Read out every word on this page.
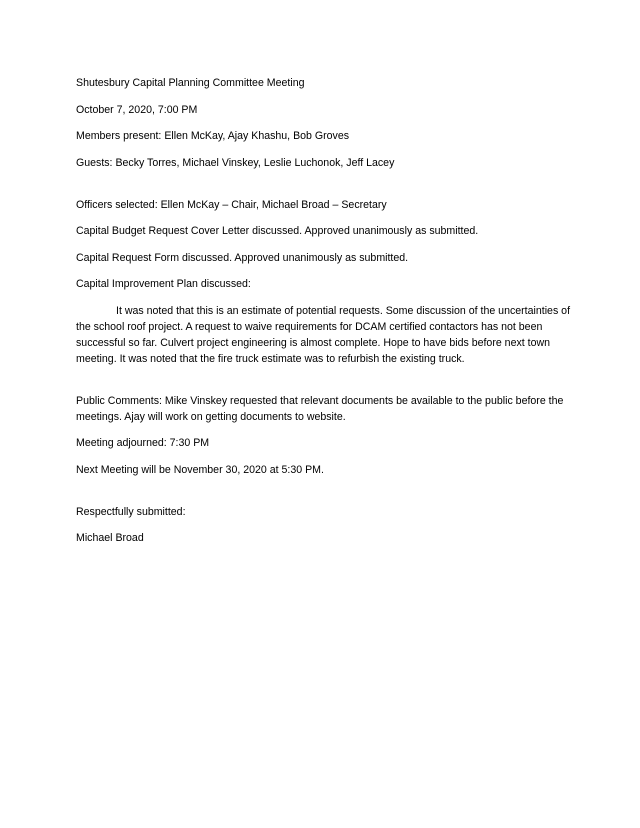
Shutesbury Capital Planning Committee Meeting

October 7, 2020, 7:00 PM

Members present: Ellen McKay, Ajay Khashu, Bob Groves

Guests: Becky Torres, Michael Vinskey, Leslie Luchonok, Jeff Lacey

Officers selected: Ellen McKay – Chair, Michael Broad – Secretary

Capital Budget Request Cover Letter discussed. Approved unanimously as submitted.

Capital Request Form discussed. Approved unanimously as submitted.

Capital Improvement Plan discussed:

It was noted that this is an estimate of potential requests. Some discussion of the uncertainties of the school roof project. A request to waive requirements for DCAM certified contactors has not been successful so far. Culvert project engineering is almost complete. Hope to have bids before next town meeting. It was noted that the fire truck estimate was to refurbish the existing truck.

Public Comments: Mike Vinskey requested that relevant documents be available to the public before the meetings. Ajay will work on getting documents to website.

Meeting adjourned: 7:30 PM

Next Meeting will be November 30, 2020 at 5:30 PM.

Respectfully submitted:

Michael Broad
